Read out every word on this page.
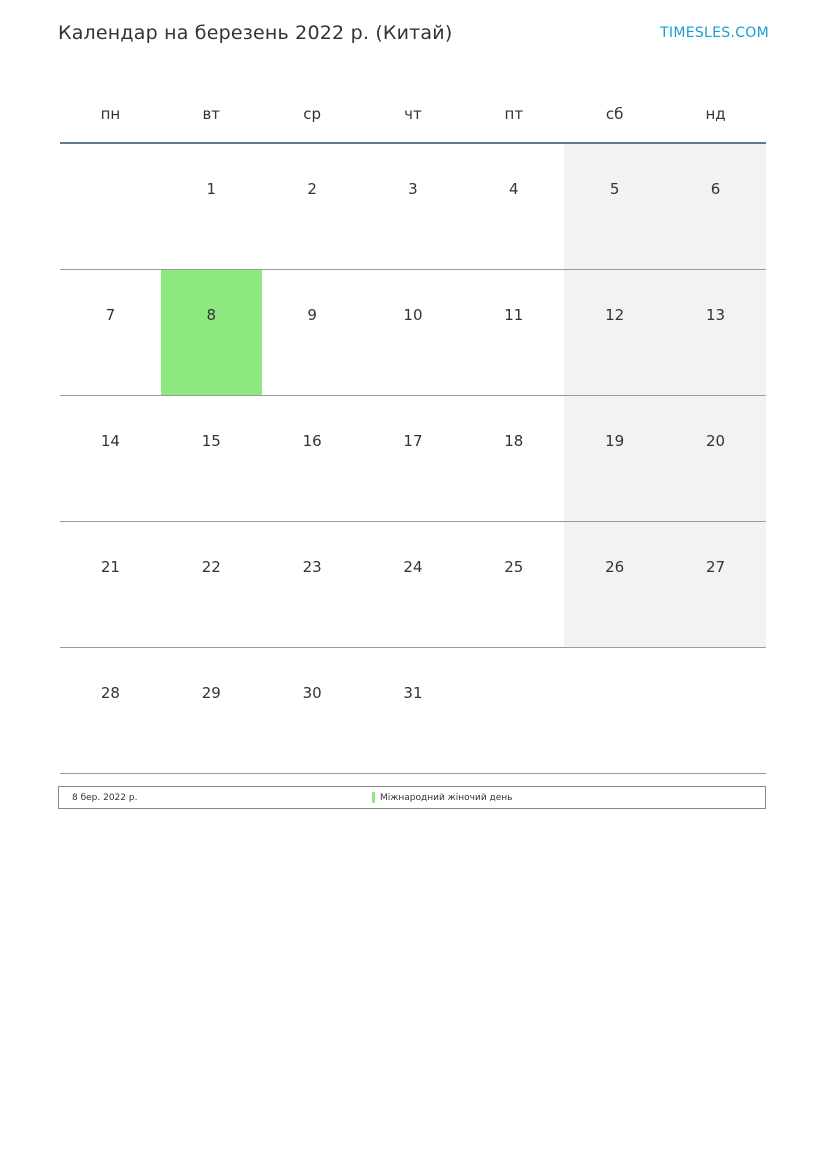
Календар на березень 2022 р. (Китай)	TIMESLES.COM
пн	вт	ср	чт	пт	сб	нд

	1	2	3	4	5	6

7	8	9	10	11	12	13

14	15	16	17	18	19	20

21	22	23	24	25	26	27

28	29	30	31			

8 бер. 2022 р.	Міжнародний жіночий день
